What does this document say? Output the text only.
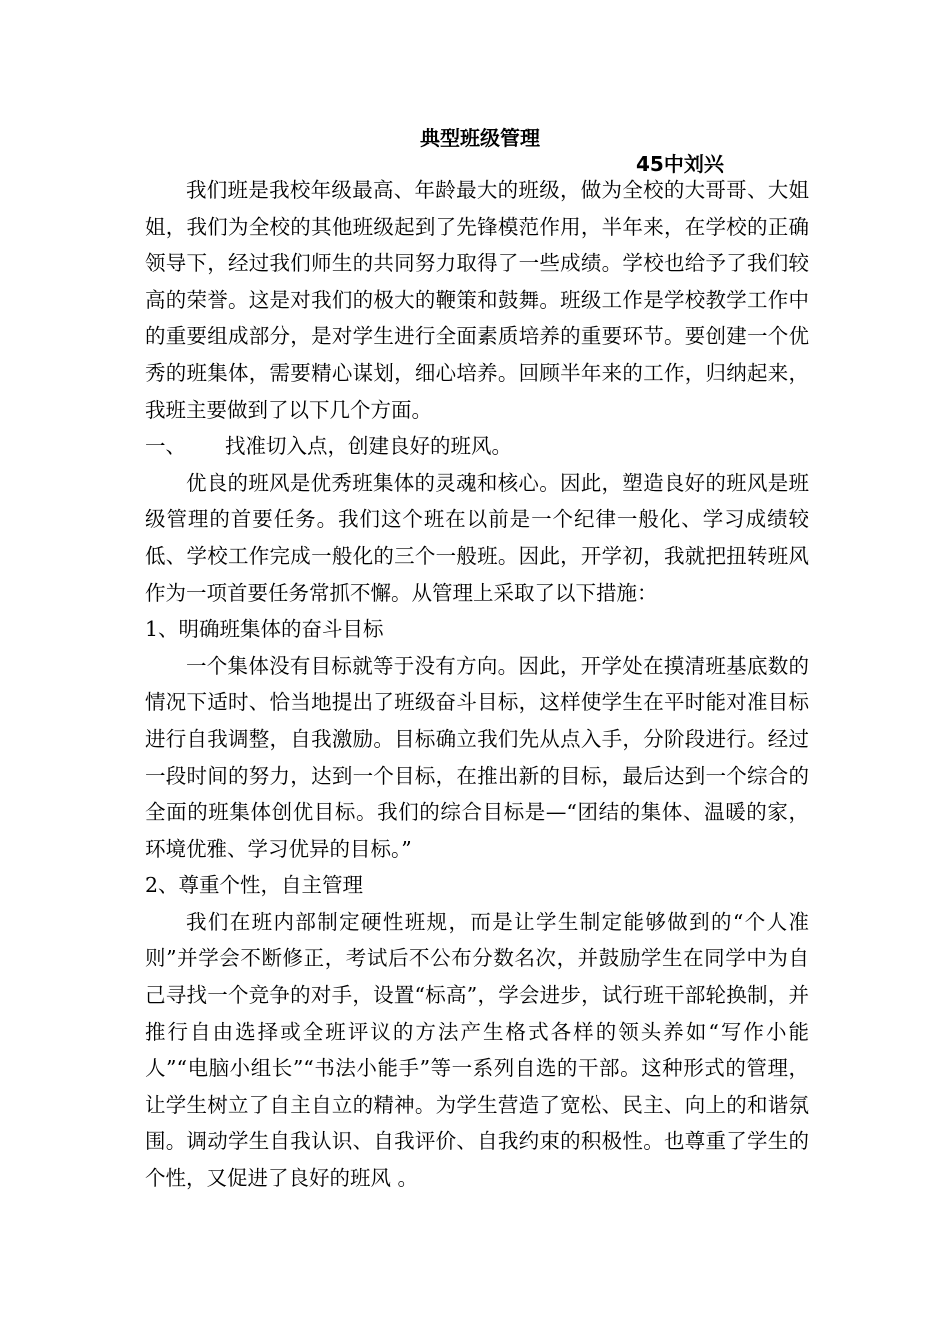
典型班级管理
45中刘兴

我们班是我校年级最高、年龄最大的班级，做为全校的大哥哥、大姐姐，我们为全校的其他班级起到了先锋模范作用，半年来，在学校的正确领导下，经过我们师生的共同努力取得了一些成绩。学校也给予了我们较高的荣誉。这是对我们的极大的鞭策和鼓舞。班级工作是学校教学工作中的重要组成部分，是对学生进行全面素质培养的重要环节。要创建一个优秀的班集体，需要精心谋划，细心培养。回顾半年来的工作，归纳起来，我班主要做到了以下几个方面。

一、 找准切入点，创建良好的班风。

优良的班风是优秀班集体的灵魂和核心。因此，塑造良好的班风是班级管理的首要任务。我们这个班在以前是一个纪律一般化、学习成绩较低、学校工作完成一般化的三个一般班。因此，开学初，我就把扭转班风作为一项首要任务常抓不懈。从管理上采取了以下措施：

1、明确班集体的奋斗目标

一个集体没有目标就等于没有方向。因此，开学处在摸清班基底数的情况下适时、恰当地提出了班级奋斗目标，这样使学生在平时能对准目标进行自我调整，自我激励。目标确立我们先从点入手，分阶段进行。经过一段时间的努力，达到一个目标，在推出新的目标，最后达到一个综合的全面的班集体创优目标。我们的综合目标是—“团结的集体、温暖的家，环境优雅、学习优异的目标。”

2、尊重个性，自主管理

我们在班内部制定硬性班规，而是让学生制定能够做到的“个人准则”并学会不断修正，考试后不公布分数名次，并鼓励学生在同学中为自己寻找一个竞争的对手，设置“标高”，学会进步，试行班干部轮换制，并推行自由选择或全班评议的方法产生格式各样的领头养如“写作小能人”“电脑小组长”“书法小能手”等一系列自选的干部。这种形式的管理，让学生树立了自主自立的精神。为学生营造了宽松、民主、向上的和谐氛围。调动学生自我认识、自我评价、自我约束的积极性。也尊重了学生的个性，又促进了良好的班风 。
